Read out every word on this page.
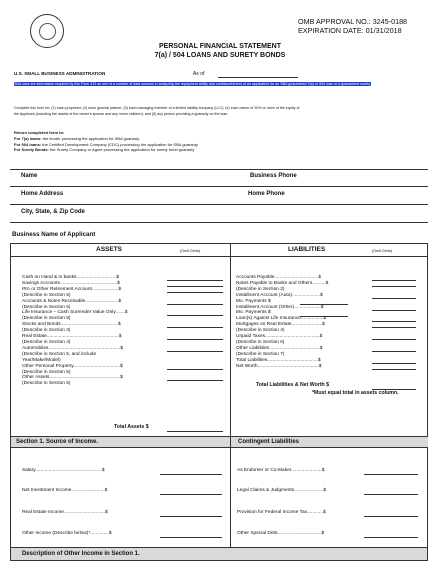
OMB APPROVAL NO.: 3245-0188
EXPIRATION DATE: 01/31/2018
PERSONAL FINANCIAL STATEMENT
7(a) / 504 LOANS AND SURETY BONDS
U.S. SMALL BUSINESS ADMINISTRATION	As of
SBA uses the information required by this Form 413 as one of a number of data sources in analyzing the repayment ability and creditworthiness of an application for an SBA guaranteed 7(a) or 504 loan or a guaranteed surety.
Complete this form for: (1) each proprietor; (2) each general partner; (3) each managing member of a limited liability company (LLC); (4) each owner of 20% or more of the equity of
the Applicant (including the assets of the owner's spouse and any minor children); and (5) any person providing a guaranty on the loan.
Return completed form to:
For 7(a) loans: the lender processing the application for SBA guaranty
For 504 loans: the Certified Development Company (CDC) processing the application for SBA guaranty
For Surety Bonds: the Surety Company or Agent processing the application for surety bond guaranty
Name	Business Phone
Home Address	Home Phone
City, State, & Zip Code
Business Name of Applicant
ASSETS	(Omit Cents)	LIABILITIES	(Omit Cents)
Cash on Hand & in banks..............................$
Savings Accounts...........................................$
IRA or Other Retirement Account....................$
(Describe in Section 5)
Accounts & Notes Receivable.........................$
(Describe in Section 5)
Life Insurance – Cash Surrender Value Only.......$
(Describe in Section 8)
Stocks and Bonds...........................................$
(Describe in Section 3)
Real Estate......................................................$
(Describe in Section 4)
Automobiles......................................................$
(Describe in Section 5, and include
Year/Make/Model)
Other Personal Property...................................$
(Describe in Section 5)
Other Assets.....................................................$
(Describe in Section 5)
Total Assets $
Accounts Payable.................................$
Notes Payable to Banks and Others..........$
(Describe in Section 2)
Installment Account (Auto).....................$
Mo. Payments $
Installment Account (Other)....................$
Mo. Payments $
Loan(s) Against Life Insurance.................$
Mortgages on Real Estate.......................$
(Describe in Section 4)
Unpaid Taxes.........................................$
(Describe in Section 6)
Other Liabilities......................................$
(Describe in Section 7)
Total Liabilities......................................$
Net Worth..............................................$
Total Liabilities & Net Worth $
*Must equal total in assets column.
Section 1. Source of Income.	Contingent Liabilities
Salary..................................................$
Net Investment Income.........................$
Real Estate Income...............................$
Other Income (Describe below)*..............$
As Endorser or Co-Maker.......................$
Legal Claims & Judgments......................$
Provision for Federal Income Tax............$
Other Special Debt.................................$
Description of Other Income in Section 1.
